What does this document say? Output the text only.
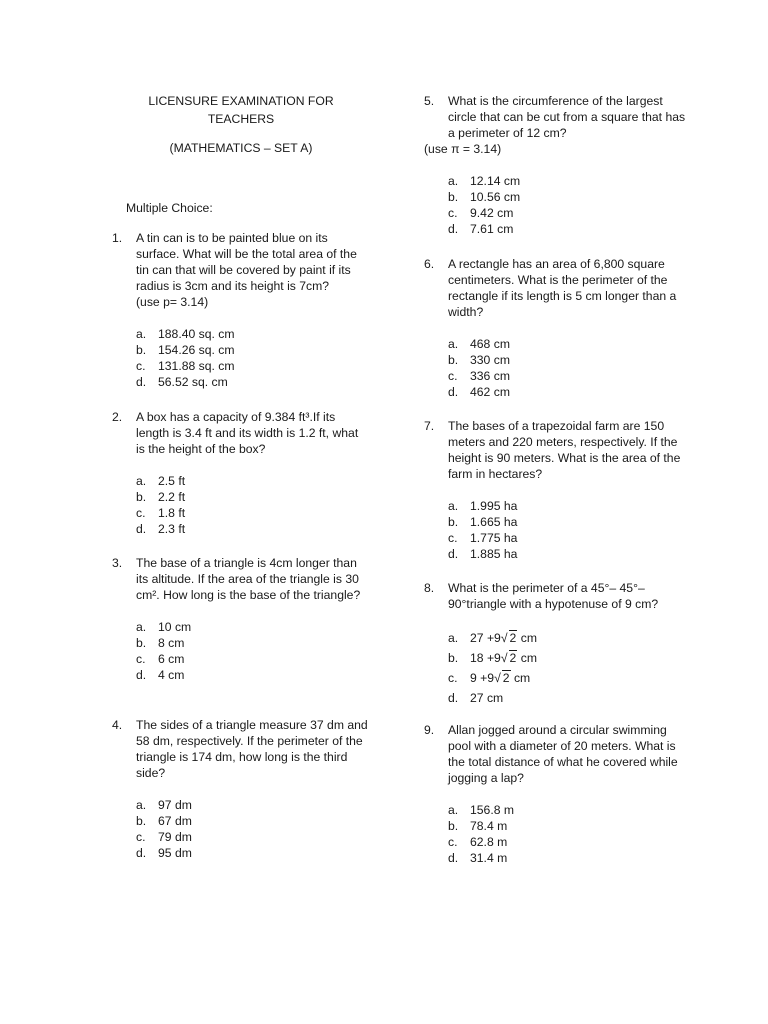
LICENSURE EXAMINATION FOR
TEACHERS
(MATHEMATICS – SET A)
Multiple Choice:
1. A tin can is to be painted blue on its surface. What will be the total area of the tin can that will be covered by paint if its radius is 3cm and its height is 7cm?
(use p= 3.14)
a. 188.40 sq. cm
b. 154.26 sq. cm
c. 131.88 sq. cm
d. 56.52 sq. cm
2. A box has a capacity of 9.384 ft³.If its length is 3.4 ft and its width is 1.2 ft, what is the height of the box?
a. 2.5 ft
b. 2.2 ft
c. 1.8 ft
d. 2.3 ft
3. The base of a triangle is 4cm longer than its altitude. If the area of the triangle is 30 cm². How long is the base of the triangle?
a. 10 cm
b. 8 cm
c. 6 cm
d. 4 cm
4. The sides of a triangle measure 37 dm and 58 dm, respectively. If the perimeter of the triangle is 174 dm, how long is the third side?
a. 97 dm
b. 67 dm
c. 79 dm
d. 95 dm
5. What is the circumference of the largest circle that can be cut from a square that has a perimeter of 12 cm?
(use π = 3.14)
a. 12.14 cm
b. 10.56 cm
c. 9.42 cm
d. 7.61 cm
6. A rectangle has an area of 6,800 square centimeters. What is the perimeter of the rectangle if its length is 5 cm longer than a width?
a. 468 cm
b. 330 cm
c. 336 cm
d. 462 cm
7. The bases of a trapezoidal farm are 150 meters and 220 meters, respectively. If the height is 90 meters. What is the area of the farm in hectares?
a. 1.995 ha
b. 1.665 ha
c. 1.775 ha
d. 1.885 ha
8. What is the perimeter of a 45°– 45°– 90°triangle with a hypotenuse of 9 cm?
a. 27 +9√ 2 cm
b. 18 +9√ 2 cm
c. 9 +9√ 2 cm
d. 27 cm
9. Allan jogged around a circular swimming pool with a diameter of 20 meters. What is the total distance of what he covered while jogging a lap?
a. 156.8 m
b. 78.4 m
c. 62.8 m
d. 31.4 m
